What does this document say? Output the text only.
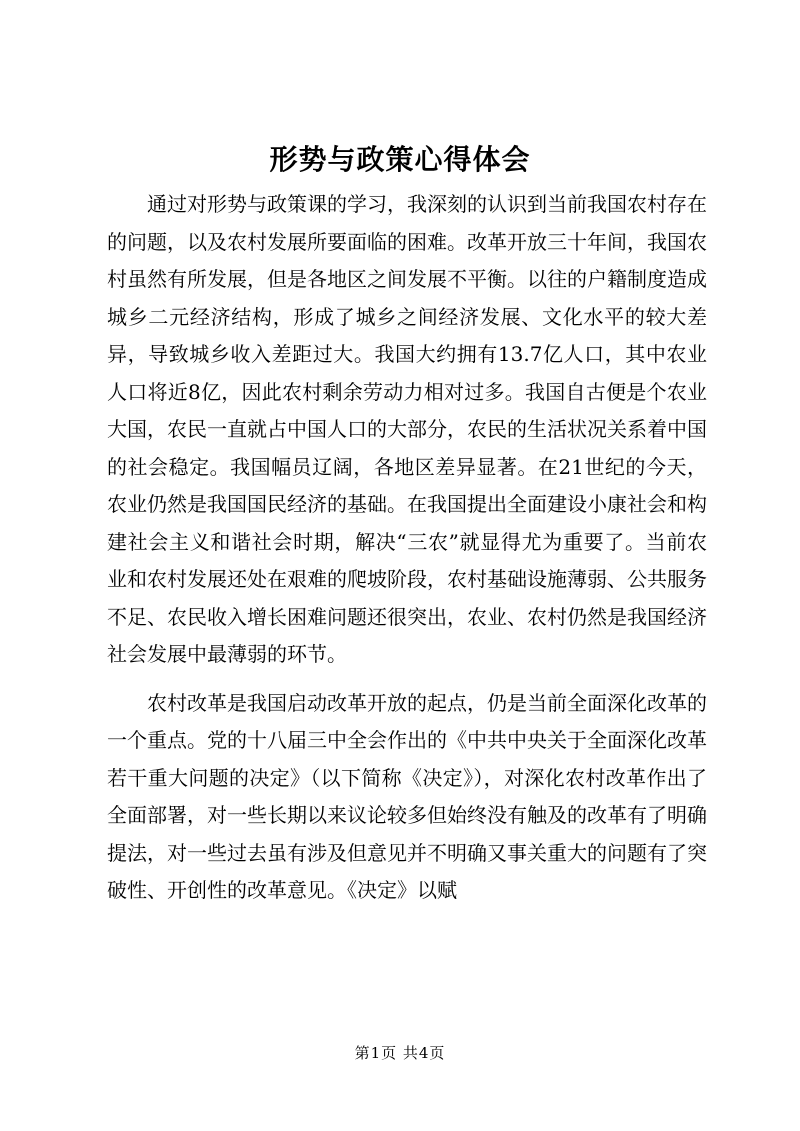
形势与政策心得体会

通过对形势与政策课的学习，我深刻的认识到当前我国农村存在的问题，以及农村发展所要面临的困难。改革开放三十年间，我国农村虽然有所发展，但是各地区之间发展不平衡。以往的户籍制度造成城乡二元经济结构，形成了城乡之间经济发展、文化水平的较大差异，导致城乡收入差距过大。我国大约拥有13.7亿人口，其中农业人口将近8亿，因此农村剩余劳动力相对过多。我国自古便是个农业大国，农民一直就占中国人口的大部分，农民的生活状况关系着中国的社会稳定。我国幅员辽阔，各地区差异显著。在21世纪的今天，农业仍然是我国国民经济的基础。在我国提出全面建设小康社会和构建社会主义和谐社会时期，解决“三农”就显得尤为重要了。当前农业和农村发展还处在艰难的爬坡阶段，农村基础设施薄弱、公共服务不足、农民收入增长困难问题还很突出，农业、农村仍然是我国经济社会发展中最薄弱的环节。

农村改革是我国启动改革开放的起点，仍是当前全面深化改革的一个重点。党的十八届三中全会作出的《中共中央关于全面深化改革若干重大问题的决定》（以下简称《决定》），对深化农村改革作出了全面部署，对一些长期以来议论较多但始终没有触及的改革有了明确提法，对一些过去虽有涉及但意见并不明确又事关重大的问题有了突破性、开创性的改革意见。《决定》以赋

第1页 共4页
